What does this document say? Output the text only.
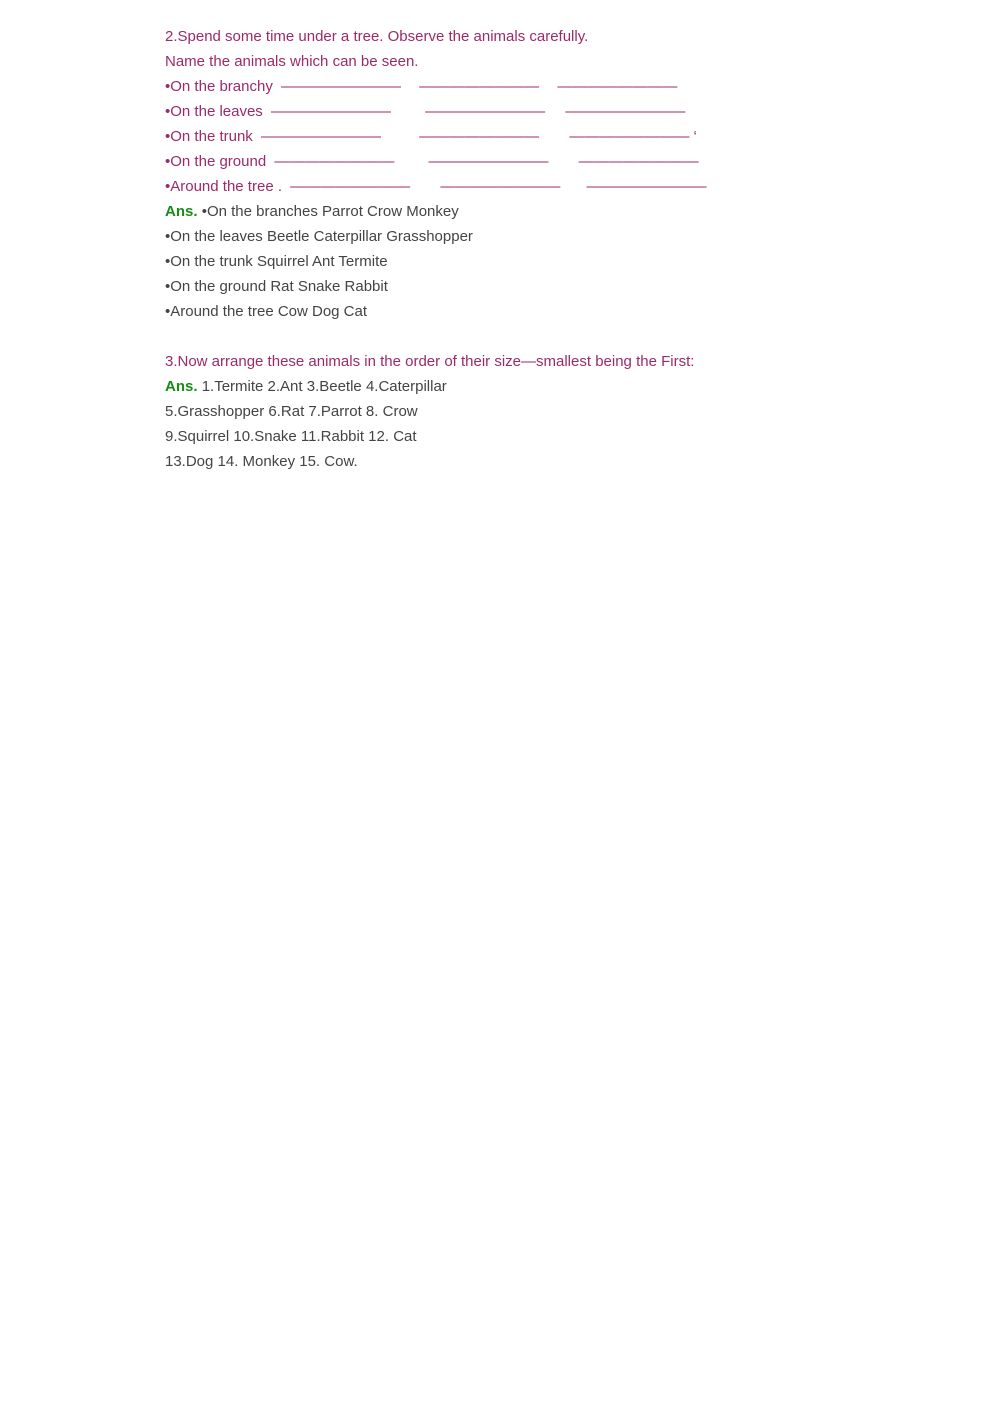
2.Spend some time under a tree. Observe the animals carefully.
Name the animals which can be seen.
•On the branchy ———————— ———————— ————————
•On the leaves ———————— ———————— ————————
•On the trunk ————————	———————— ———————— ‘
•On the ground ———————— ———————— ————————
•Around the tree . ———————— ———————— ————————
Ans. •On the branches Parrot Crow Monkey
•On the leaves Beetle Caterpillar Grasshopper
•On the trunk Squirrel Ant Termite
•On the ground Rat Snake Rabbit
•Around the tree Cow Dog Cat
3.Now arrange these animals in the order of their size—smallest being the First:
Ans. 1.Termite 2.Ant 3.Beetle 4.Caterpillar
5.Grasshopper 6.Rat 7.Parrot 8. Crow
9.Squirrel 10.Snake 11.Rabbit 12. Cat
13.Dog 14. Monkey 15. Cow.
